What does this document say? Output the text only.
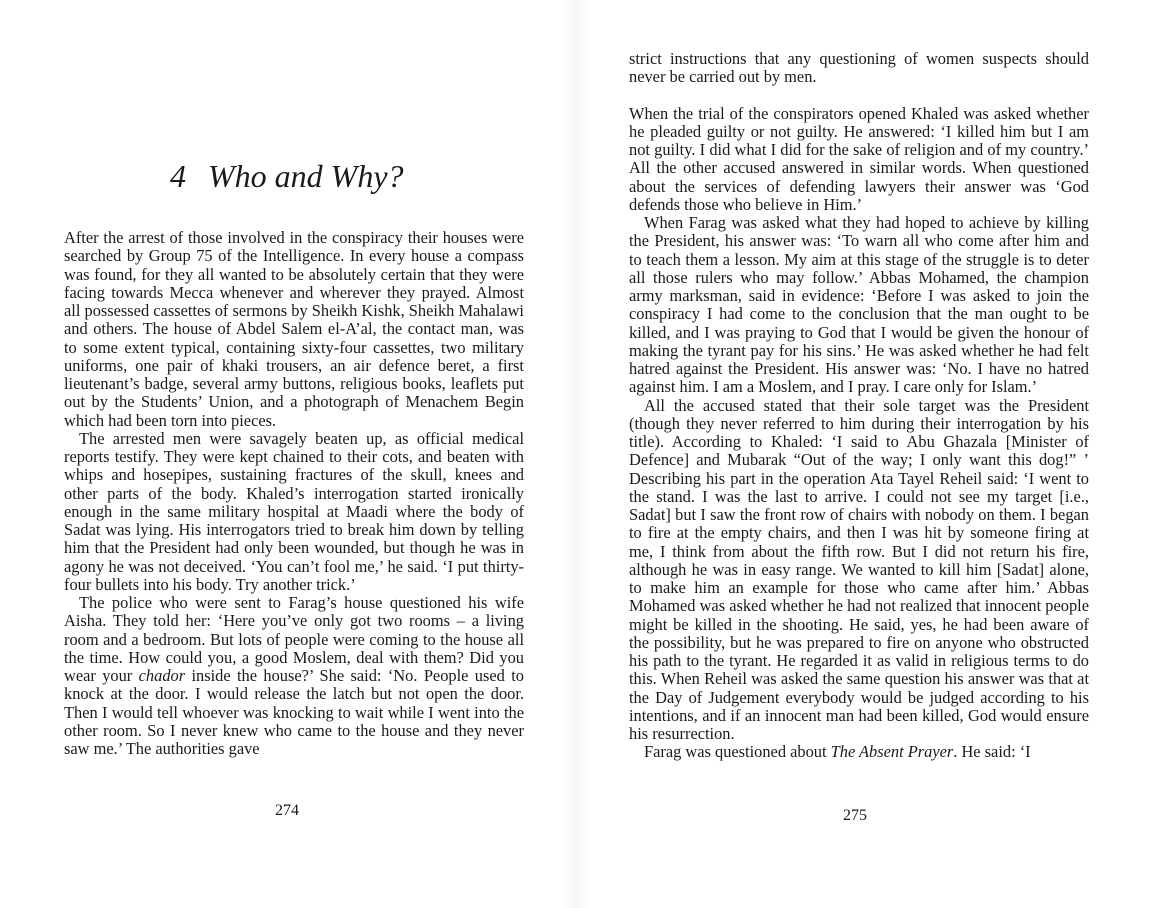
4 Who and Why?

After the arrest of those involved in the conspiracy their houses were searched by Group 75 of the Intelligence. In every house a compass was found, for they all wanted to be absolutely certain that they were facing towards Mecca whenever and wherever they prayed. Almost all possessed cassettes of sermons by Sheikh Kishk, Sheikh Mahalawi and others. The house of Abdel Salem el-A’al, the contact man, was to some extent typical, containing sixty-four cassettes, two military uniforms, one pair of khaki trousers, an air defence beret, a first lieutenant’s badge, several army buttons, religious books, leaflets put out by the Students’ Union, and a photograph of Menachem Begin which had been torn into pieces.

The arrested men were savagely beaten up, as official medical reports testify. They were kept chained to their cots, and beaten with whips and hosepipes, sustaining fractures of the skull, knees and other parts of the body. Khaled’s interrogation started ironically enough in the same military hospital at Maadi where the body of Sadat was lying. His interrogators tried to break him down by telling him that the President had only been wounded, but though he was in agony he was not deceived. ‘You can’t fool me,’ he said. ‘I put thirty-four bullets into his body. Try another trick.’

The police who were sent to Farag’s house questioned his wife Aisha. They told her: ‘Here you’ve only got two rooms – a living room and a bedroom. But lots of people were coming to the house all the time. How could you, a good Moslem, deal with them? Did you wear your chador inside the house?’ She said: ‘No. People used to knock at the door. I would release the latch but not open the door. Then I would tell whoever was knocking to wait while I went into the other room. So I never knew who came to the house and they never saw me.’ The authorities gave

274

strict instructions that any questioning of women suspects should never be carried out by men.

When the trial of the conspirators opened Khaled was asked whether he pleaded guilty or not guilty. He answered: ‘I killed him but I am not guilty. I did what I did for the sake of religion and of my country.’ All the other accused answered in similar words. When questioned about the services of defending lawyers their answer was ‘God defends those who believe in Him.’

When Farag was asked what they had hoped to achieve by killing the President, his answer was: ‘To warn all who come after him and to teach them a lesson. My aim at this stage of the struggle is to deter all those rulers who may follow.’ Abbas Mohamed, the champion army marksman, said in evidence: ‘Before I was asked to join the conspiracy I had come to the conclusion that the man ought to be killed, and I was praying to God that I would be given the honour of making the tyrant pay for his sins.’ He was asked whether he had felt hatred against the President. His answer was: ‘No. I have no hatred against him. I am a Moslem, and I pray. I care only for Islam.’

All the accused stated that their sole target was the President (though they never referred to him during their interrogation by his title). According to Khaled: ‘I said to Abu Ghazala [Minister of Defence] and Mubarak “Out of the way; I only want this dog!” ’ Describing his part in the operation Ata Tayel Reheil said: ‘I went to the stand. I was the last to arrive. I could not see my target [i.e., Sadat] but I saw the front row of chairs with nobody on them. I began to fire at the empty chairs, and then I was hit by someone firing at me, I think from about the fifth row. But I did not return his fire, although he was in easy range. We wanted to kill him [Sadat] alone, to make him an example for those who came after him.’ Abbas Mohamed was asked whether he had not realized that innocent people might be killed in the shooting. He said, yes, he had been aware of the possibility, but he was prepared to fire on anyone who obstructed his path to the tyrant. He regarded it as valid in religious terms to do this. When Reheil was asked the same question his answer was that at the Day of Judgement everybody would be judged according to his intentions, and if an innocent man had been killed, God would ensure his resurrection.

Farag was questioned about The Absent Prayer. He said: ‘I

275
